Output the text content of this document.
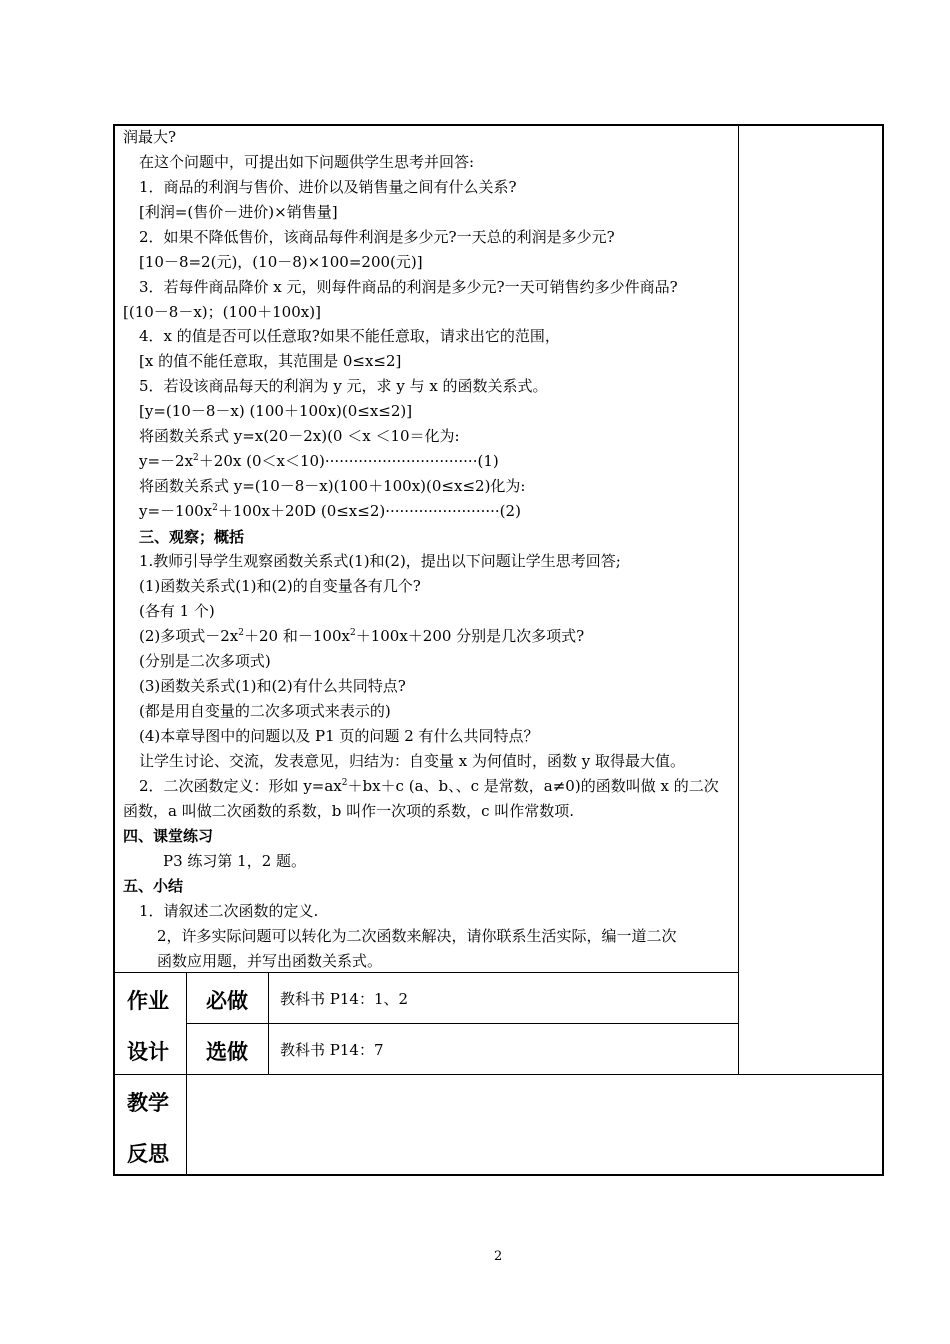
润最大?
在这个问题中，可提出如下问题供学生思考并回答:
1．商品的利润与售价、进价以及销售量之间有什么关系?
[利润=(售价－进价)×销售量]
2．如果不降低售价，该商品每件利润是多少元?一天总的利润是多少元?
[10－8=2(元)，(10－8)×100=200(元)]
3．若每件商品降价 x 元，则每件商品的利润是多少元?一天可销售约多少件商品?
[(10－8－x)；(100＋100x)]
4．x 的值是否可以任意取?如果不能任意取，请求出它的范围，
[x 的值不能任意取，其范围是 0≤x≤2]
5．若设该商品每天的利润为 y 元，求 y 与 x 的函数关系式。
[y=(10－8－x) (100＋100x)(0≤x≤2)]
将函数关系式 y=x(20－2x)(0 ＜x ＜10＝化为:
三、观察；概括
1.教师引导学生观察函数关系式(1)和(2)，提出以下问题让学生思考回答;
(1)函数关系式(1)和(2)的自变量各有几个?
(各有 1 个)
(分别是二次多项式)
(3)函数关系式(1)和(2)有什么共同特点?
(都是用自变量的二次多项式来表示的)
(4)本章导图中的问题以及 P1 页的问题 2 有什么共同特点？
让学生讨论、交流，发表意见，归结为：自变量 x 为何值时，函数 y 取得最大值。
函数，a 叫做二次函数的系数，b 叫作一次项的系数，c 叫作常数项.
四、课堂练习
P3 练习第 1，2 题。
五、小结
1．请叙述二次函数的定义.
2，许多实际问题可以转化为二次函数来解决，请你联系生活实际，编一道二次
函数应用题，并写出函数关系式。
$y=-2x^2+20x$ (0＜x＜10)································(1)
将函数关系式 y=(10－8－x)(100＋100x)(0≤x≤2)化为:
$y=-100x^2+100x+20D$ (0≤x≤2)························(2)
(2)多项式$-2x^2+20$ 和$-100x^2+100x+200$ 分别是几次多项式?
2．二次函数定义：形如 $y=ax^2+bx+c$ (a、b、、c 是常数，a≠0)的函数叫做 x 的二次
作业
设计
必做
选做
教科书 P14：1、2
教科书 P14：7
教学
反思
2
